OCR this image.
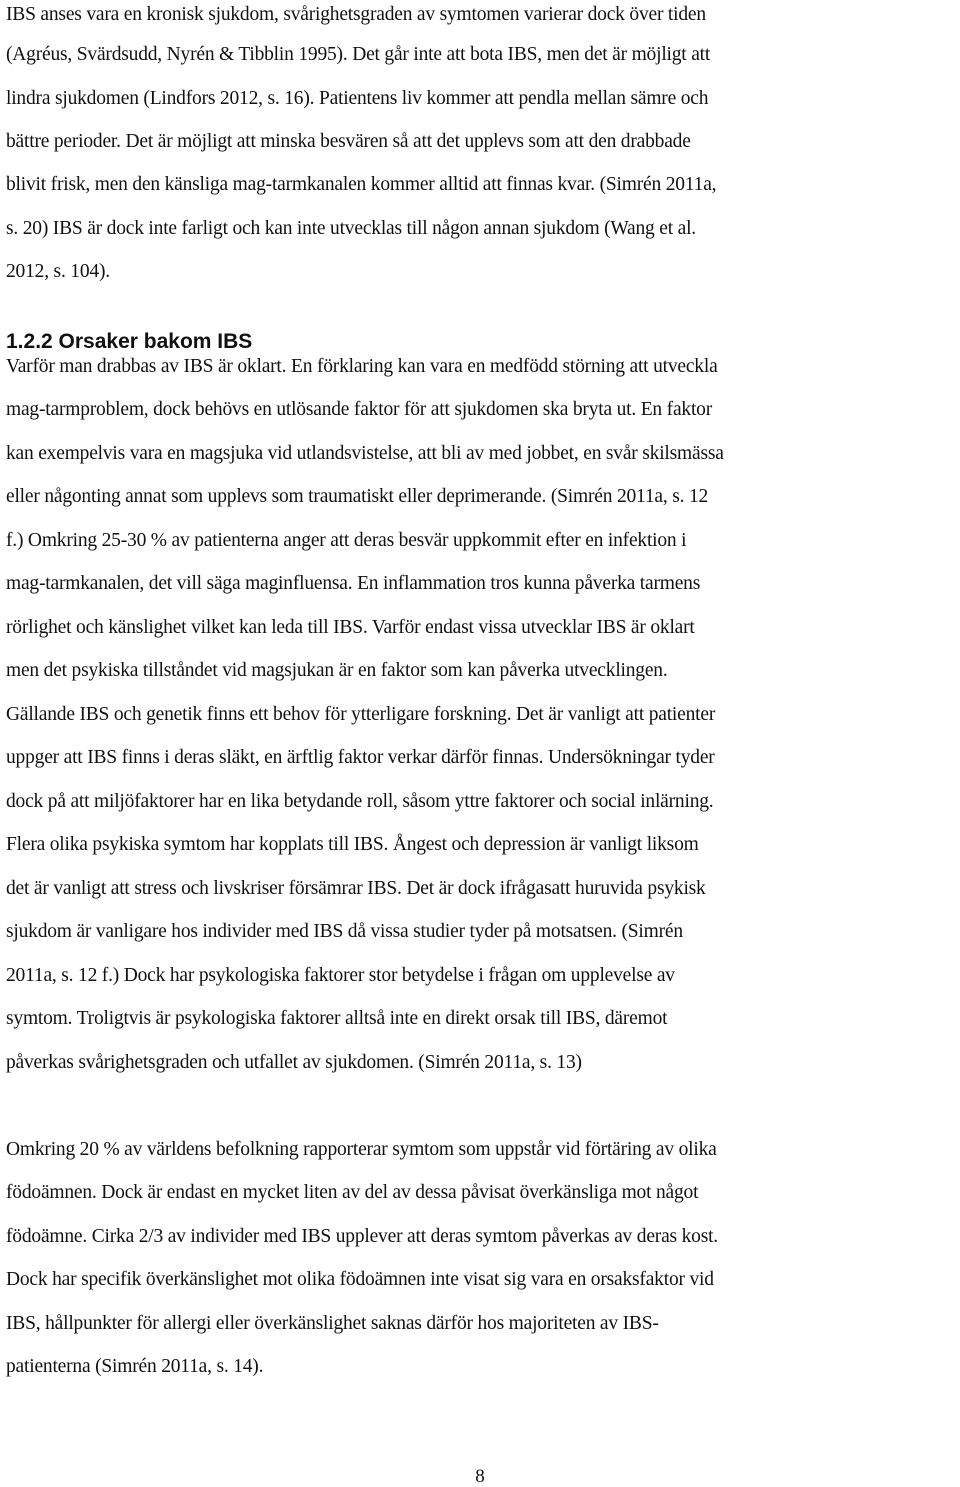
IBS anses vara en kronisk sjukdom, svårighetsgraden av symtomen varierar dock över tiden
(Agréus, Svärdsudd, Nyrén & Tibblin 1995). Det går inte att bota IBS, men det är möjligt att
lindra sjukdomen (Lindfors 2012, s. 16). Patientens liv kommer att pendla mellan sämre och
bättre perioder. Det är möjligt att minska besvären så att det upplevs som att den drabbade
blivit frisk, men den känsliga mag-tarmkanalen kommer alltid att finnas kvar. (Simrén 2011a,
s. 20) IBS är dock inte farligt och kan inte utvecklas till någon annan sjukdom (Wang et al.
2012, s. 104).
1.2.2 Orsaker bakom IBS
Varför man drabbas av IBS är oklart. En förklaring kan vara en medfödd störning att utveckla
mag-tarmproblem, dock behövs en utlösande faktor för att sjukdomen ska bryta ut. En faktor
kan exempelvis vara en magsjuka vid utlandsvistelse, att bli av med jobbet, en svår skilsmässa
eller någonting annat som upplevs som traumatiskt eller deprimerande. (Simrén 2011a, s. 12
f.) Omkring 25-30 % av patienterna anger att deras besvär uppkommit efter en infektion i
mag-tarmkanalen, det vill säga maginfluensa. En inflammation tros kunna påverka tarmens
rörlighet och känslighet vilket kan leda till IBS. Varför endast vissa utvecklar IBS är oklart
men det psykiska tillståndet vid magsjukan är en faktor som kan påverka utvecklingen.
Gällande IBS och genetik finns ett behov för ytterligare forskning. Det är vanligt att patienter
uppger att IBS finns i deras släkt, en ärftlig faktor verkar därför finnas. Undersökningar tyder
dock på att miljöfaktorer har en lika betydande roll, såsom yttre faktorer och social inlärning.
Flera olika psykiska symtom har kopplats till IBS. Ångest och depression är vanligt liksom
det är vanligt att stress och livskriser försämrar IBS. Det är dock ifrågasatt huruvida psykisk
sjukdom är vanligare hos individer med IBS då vissa studier tyder på motsatsen. (Simrén
2011a, s. 12 f.) Dock har psykologiska faktorer stor betydelse i frågan om upplevelse av
symtom. Troligtvis är psykologiska faktorer alltså inte en direkt orsak till IBS, däremot
påverkas svårighetsgraden och utfallet av sjukdomen. (Simrén 2011a, s. 13)
Omkring 20 % av världens befolkning rapporterar symtom som uppstår vid förtäring av olika
födoämnen. Dock är endast en mycket liten av del av dessa påvisat överkänsliga mot något
födoämne. Cirka 2/3 av individer med IBS upplever att deras symtom påverkas av deras kost.
Dock har specifik överkänslighet mot olika födoämnen inte visat sig vara en orsaksfaktor vid
IBS, hållpunkter för allergi eller överkänslighet saknas därför hos majoriteten av IBS-
patienterna (Simrén 2011a, s. 14).
8
